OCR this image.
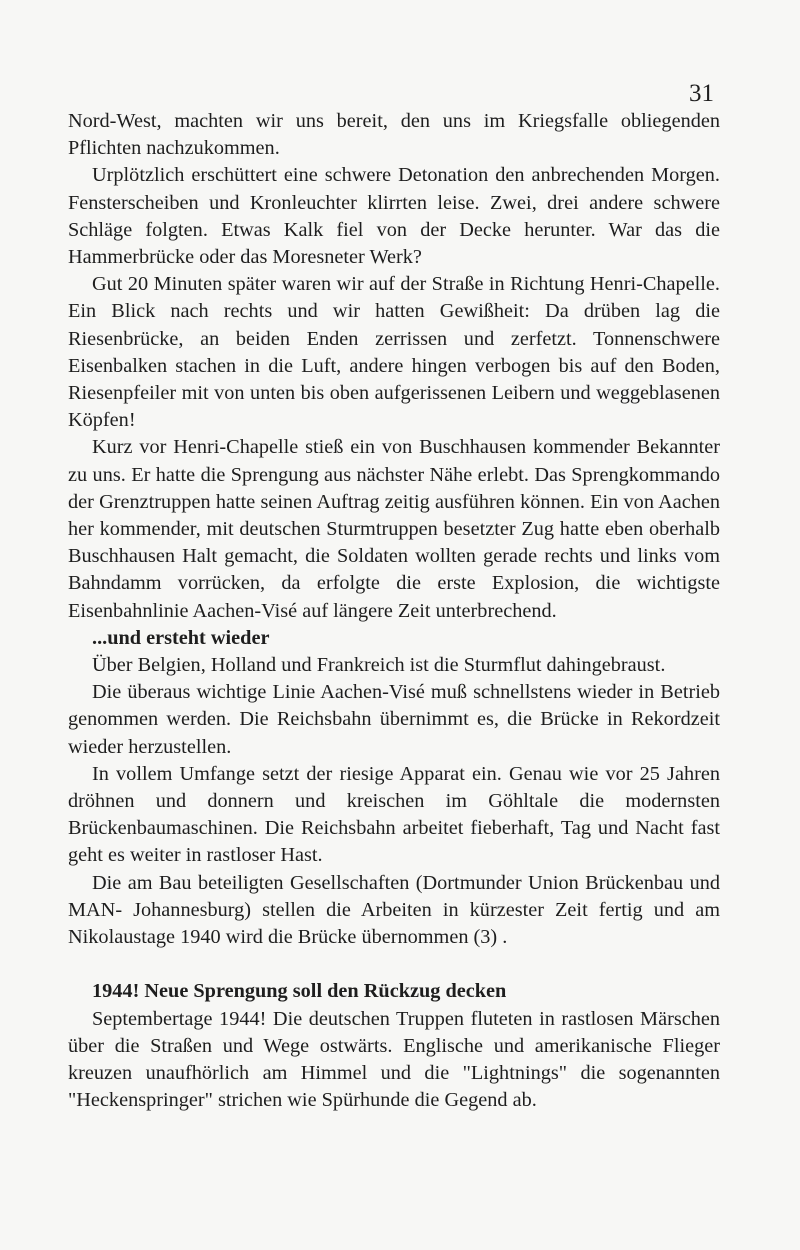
31

Nord-West, machten wir uns bereit, den uns im Kriegsfalle obliegenden Pflichten nachzukommen.

Urplötzlich erschüttert eine schwere Detonation den anbrechenden Morgen. Fensterscheiben und Kronleuchter klirrten leise. Zwei, drei andere schwere Schläge folgten. Etwas Kalk fiel von der Decke herunter. War das die Hammerbrücke oder das Moresneter Werk?

Gut 20 Minuten später waren wir auf der Straße in Richtung Henri-Chapelle. Ein Blick nach rechts und wir hatten Gewißheit: Da drüben lag die Riesenbrücke, an beiden Enden zerrissen und zerfetzt. Tonnenschwere Eisenbalken stachen in die Luft, andere hingen verbogen bis auf den Boden, Riesenpfeiler mit von unten bis oben aufgerissenen Leibern und weggeblasenen Köpfen!

Kurz vor Henri-Chapelle stieß ein von Buschhausen kommender Bekannter zu uns. Er hatte die Sprengung aus nächster Nähe erlebt. Das Sprengkommando der Grenztruppen hatte seinen Auftrag zeitig ausführen können. Ein von Aachen her kommender, mit deutschen Sturmtruppen besetzter Zug hatte eben oberhalb Buschhausen Halt gemacht, die Soldaten wollten gerade rechts und links vom Bahndamm vorrücken, da erfolgte die erste Explosion, die wichtigste Eisenbahnlinie Aachen-Visé auf längere Zeit unterbrechend.

...und ersteht wieder

Über Belgien, Holland und Frankreich ist die Sturmflut dahingebraust.

Die überaus wichtige Linie Aachen-Visé muß schnellstens wieder in Betrieb genommen werden. Die Reichsbahn übernimmt es, die Brücke in Rekordzeit wieder herzustellen.

In vollem Umfange setzt der riesige Apparat ein. Genau wie vor 25 Jahren dröhnen und donnern und kreischen im Göhltale die modernsten Brückenbaumaschinen. Die Reichsbahn arbeitet fieberhaft, Tag und Nacht fast geht es weiter in rastloser Hast.

Die am Bau beteiligten Gesellschaften (Dortmunder Union Brückenbau und MAN- Johannesburg) stellen die Arbeiten in kürzester Zeit fertig und am Nikolaustage 1940 wird die Brücke übernommen (3) .

1944! Neue Sprengung soll den Rückzug decken

Septembertage 1944! Die deutschen Truppen fluteten in rastlosen Märschen über die Straßen und Wege ostwärts. Englische und amerikanische Flieger kreuzen unaufhörlich am Himmel und die "Lightnings" die sogenannten "Heckenspringer" strichen wie Spürhunde die Gegend ab.
